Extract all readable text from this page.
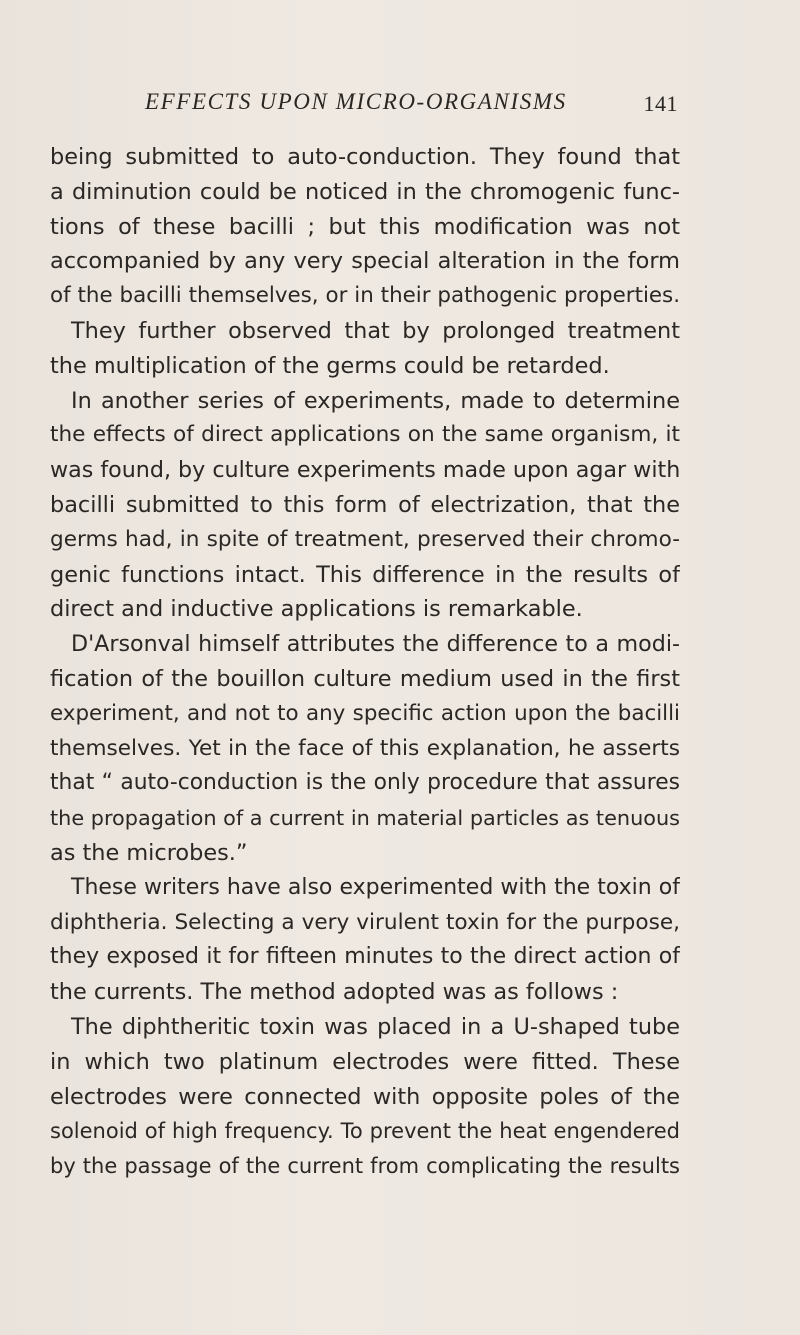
EFFECTS UPON MICRO-ORGANISMS	141
being submitted to auto-conduction. They found that
a diminution could be noticed in the chromogenic func-
tions of these bacilli ; but this modification was not
accompanied by any very special alteration in the form
of the bacilli themselves, or in their pathogenic properties.
They further observed that by prolonged treatment
the multiplication of the germs could be retarded.
In another series of experiments, made to determine
the effects of direct applications on the same organism, it
was found, by culture experiments made upon agar with
bacilli submitted to this form of electrization, that the
germs had, in spite of treatment, preserved their chromo-
genic functions intact. This difference in the results of
direct and inductive applications is remarkable.
D'Arsonval himself attributes the difference to a modi-
fication of the bouillon culture medium used in the first
experiment, and not to any specific action upon the bacilli
themselves. Yet in the face of this explanation, he asserts
that “ auto-conduction is the only procedure that assures
the propagation of a current in material particles as tenuous
as the microbes.”
These writers have also experimented with the toxin of
diphtheria. Selecting a very virulent toxin for the purpose,
they exposed it for fifteen minutes to the direct action of
the currents. The method adopted was as follows :
The diphtheritic toxin was placed in a U-shaped tube
in which two platinum electrodes were fitted. These
electrodes were connected with opposite poles of the
solenoid of high frequency. To prevent the heat engendered
by the passage of the current from complicating the results
